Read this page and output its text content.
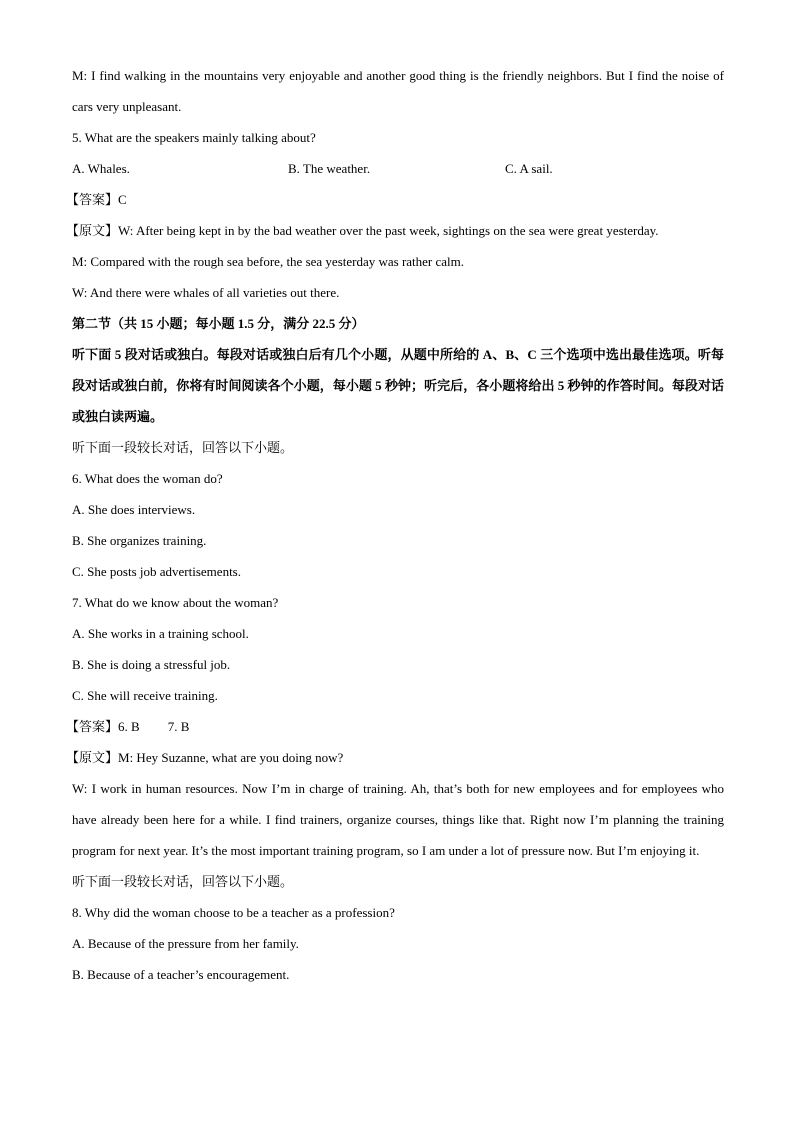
M: I find walking in the mountains very enjoyable and another good thing is the friendly neighbors. But I find the noise of cars very unpleasant.

5. What are the speakers mainly talking about?

A. Whales.	B. The weather.	C. A sail.

【答案】C

【原文】W: After being kept in by the bad weather over the past week, sightings on the sea were great yesterday.

M: Compared with the rough sea before, the sea yesterday was rather calm.

W: And there were whales of all varieties out there.

第二节（共 15 小题；每小题 1.5 分，满分 22.5 分）

听下面 5 段对话或独白。每段对话或独白后有几个小题，从题中所给的 A、B、C 三个选项中选出最佳选项。听每段对话或独白前，你将有时间阅读各个小题，每小题 5 秒钟；听完后，各小题将给出 5 秒钟的作答时间。每段对话或独白读两遍。

听下面一段较长对话，回答以下小题。

6. What does the woman do?

A. She does interviews.

B. She organizes training.

C. She posts job advertisements.

7. What do we know about the woman?

A. She works in a training school.

B. She is doing a stressful job.

C. She will receive training.

【答案】6. B 7. B

【原文】M: Hey Suzanne, what are you doing now?

W: I work in human resources. Now I’m in charge of training. Ah, that’s both for new employees and for employees who have already been here for a while. I find trainers, organize courses, things like that. Right now I’m planning the training program for next year. It’s the most important training program, so I am under a lot of pressure now. But I’m enjoying it.

听下面一段较长对话，回答以下小题。

8. Why did the woman choose to be a teacher as a profession?

A. Because of the pressure from her family.

B. Because of a teacher’s encouragement.
